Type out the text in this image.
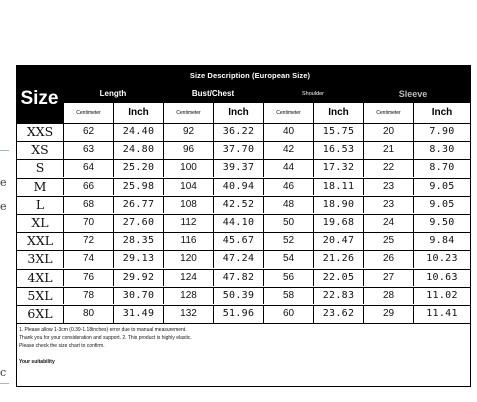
e
e
c
Size Description (European Size)
Size	Length	Bust/Chest	Shoulder	Sleeve
Centimeter	Inch	Centimeter	Inch	Centimeter	Inch	Centimeter	Inch
XXS	62	24.40	92	36.22	40	15.75	20	7.90
XS	63	24.80	96	37.70	42	16.53	21	8.30
S	64	25.20	100	39.37	44	17.32	22	8.70
M	66	25.98	104	40.94	46	18.11	23	9.05
L	68	26.77	108	42.52	48	18.90	23	9.05
XL	70	27.60	112	44.10	50	19.68	24	9.50
XXL	72	28.35	116	45.67	52	20.47	25	9.84
3XL	74	29.13	120	47.24	54	21.26	26	10.23
4XL	76	29.92	124	47.82	56	22.05	27	10.63
5XL	78	30.70	128	50.39	58	22.83	28	11.02
6XL	80	31.49	132	51.96	60	23.62	29	11.41
1. Please allow 1-3cm (0.39-1.18inches) error due to manual measurement.
Thank you for your consideration and support. 2. This product is highly elastic.
Please check the size chart to confirm.
Your suitability
